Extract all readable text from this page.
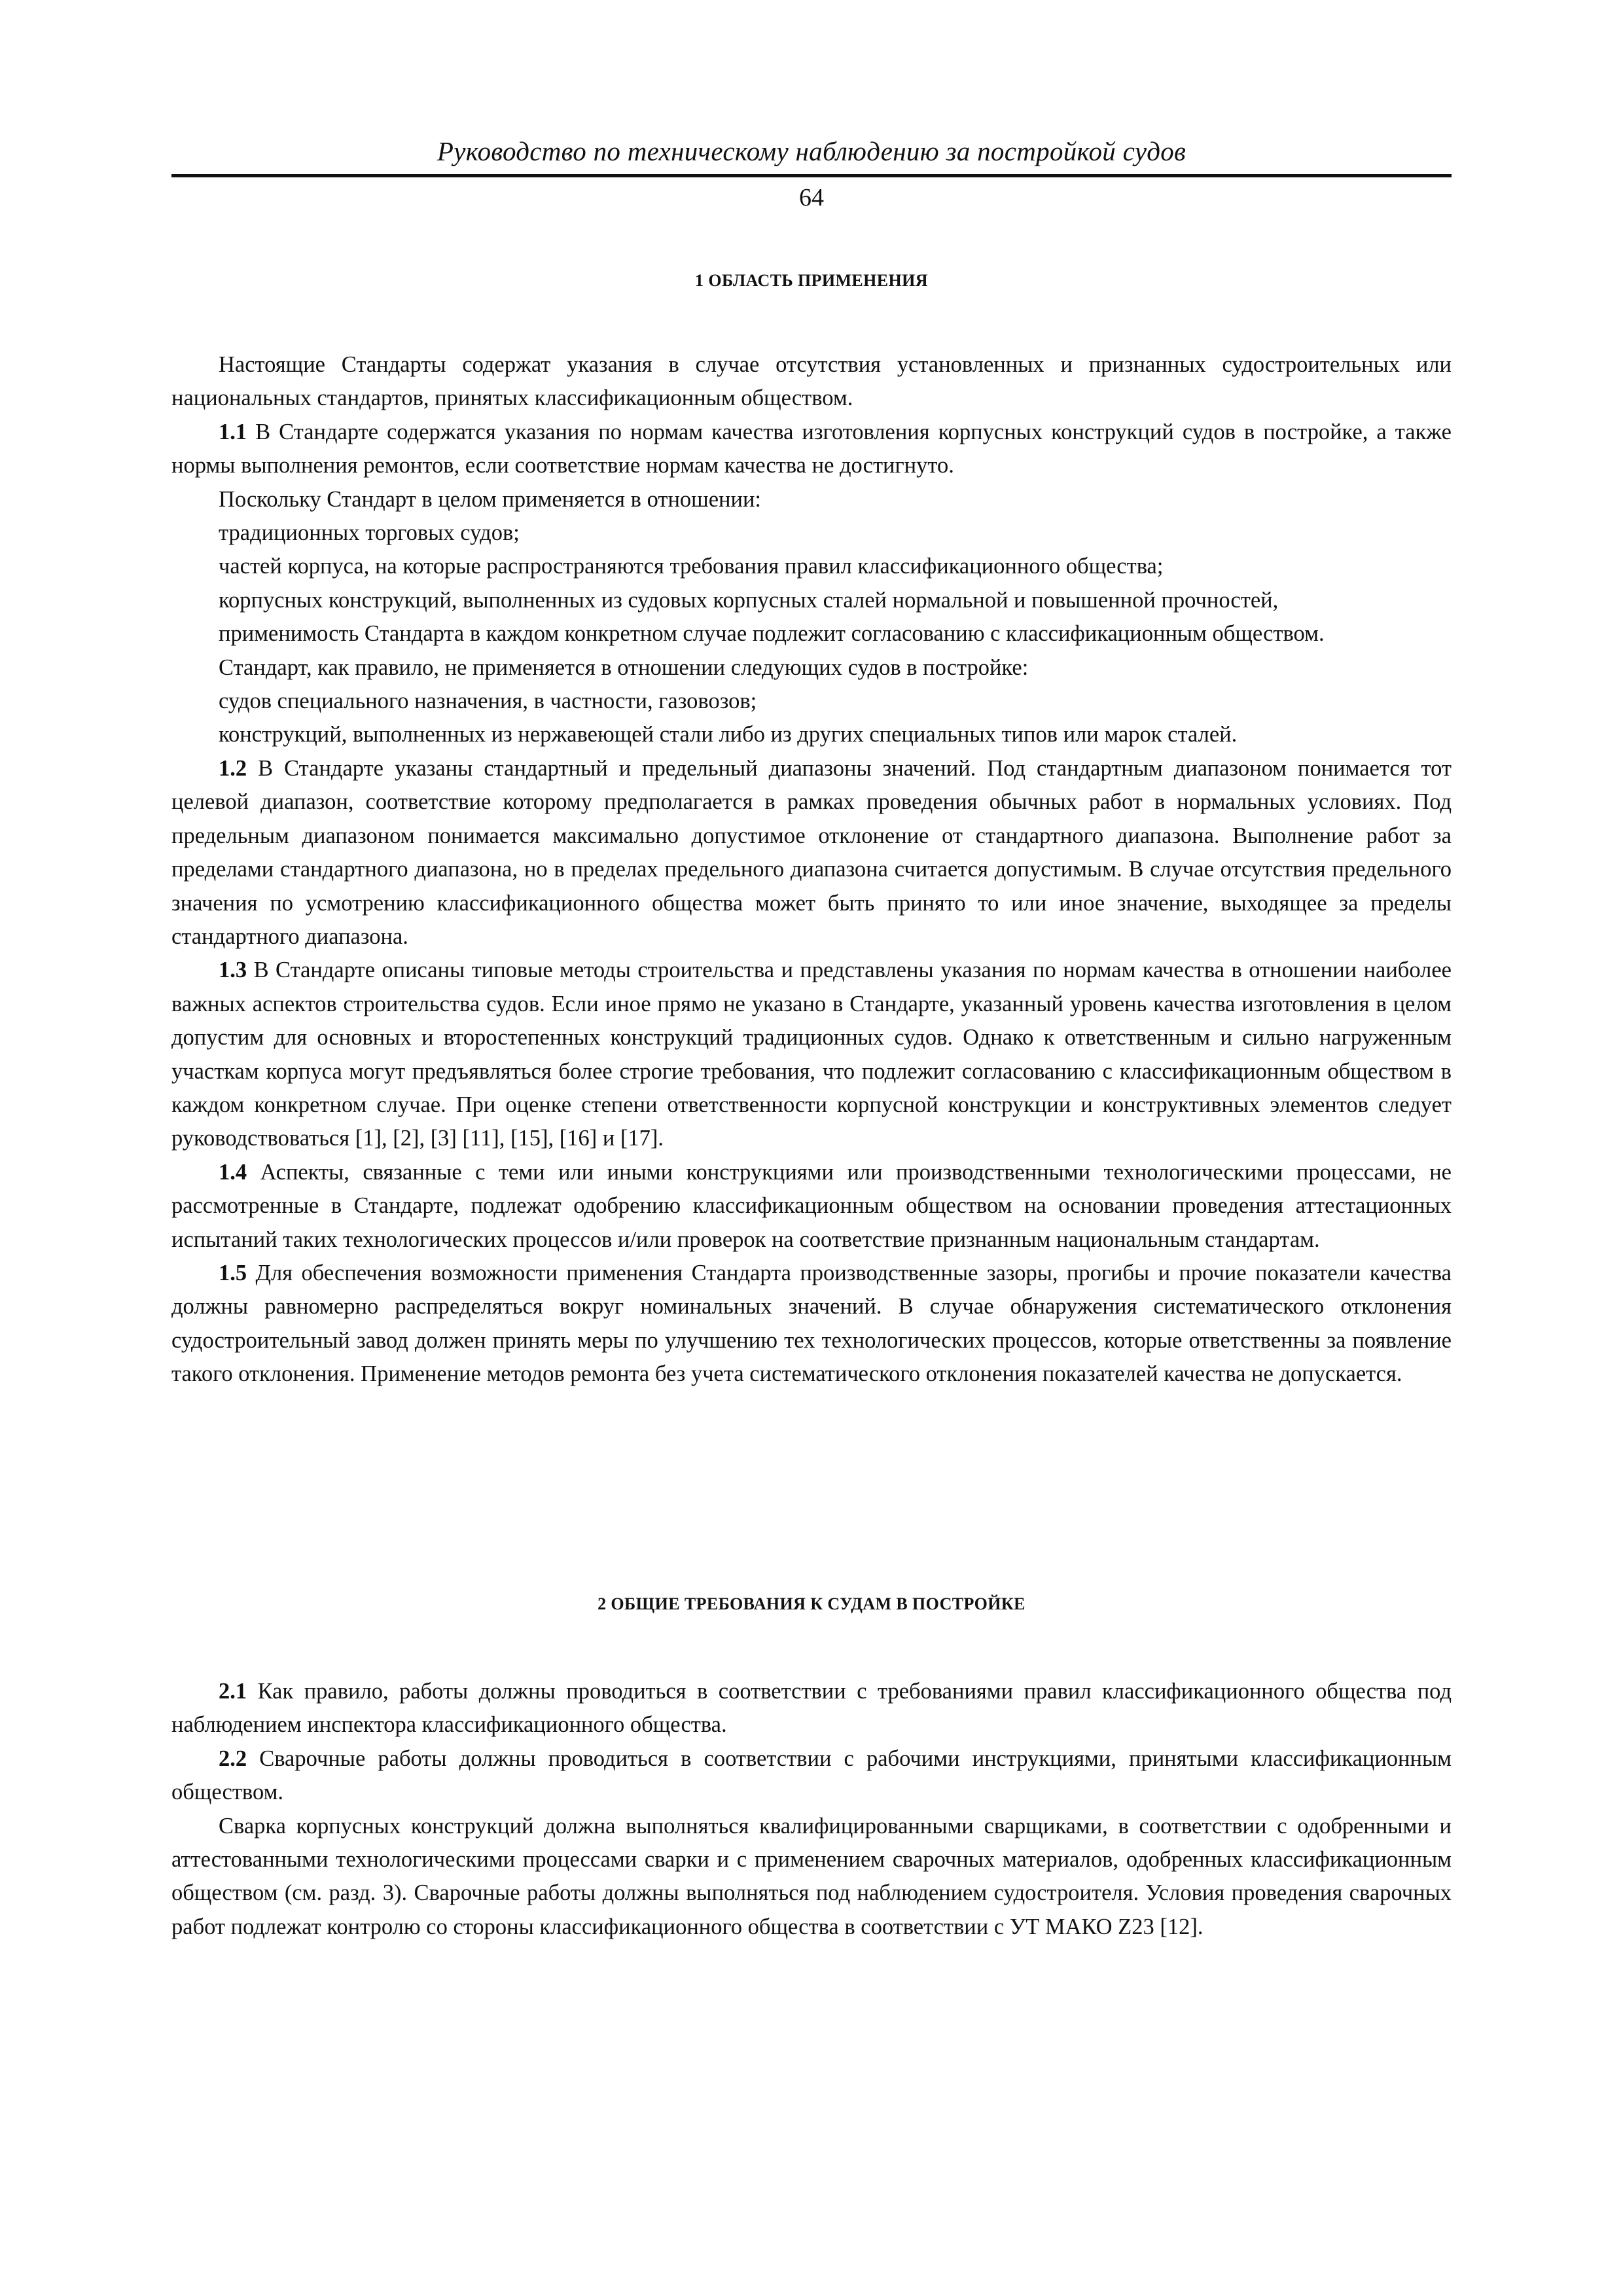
Руководство по техническому наблюдению за постройкой судов
64
1 ОБЛАСТЬ ПРИМЕНЕНИЯ

Настоящие Стандарты содержат указания в случае отсутствия установленных и признанных судостроительных или национальных стандартов, принятых классификационным обществом.

1.1 В Стандарте содержатся указания по нормам качества изготовления корпусных конструкций судов в постройке, а также нормы выполнения ремонтов, если соответствие нормам качества не достигнуто.

Поскольку Стандарт в целом применяется в отношении:

традиционных торговых судов;

частей корпуса, на которые распространяются требования правил классификационного общества;

корпусных конструкций, выполненных из судовых корпусных сталей нормальной и повышенной прочностей,

применимость Стандарта в каждом конкретном случае подлежит согласованию с классификационным обществом.

Стандарт, как правило, не применяется в отношении следующих судов в постройке:

судов специального назначения, в частности, газовозов;

конструкций, выполненных из нержавеющей стали либо из других специальных типов или марок сталей.

1.2 В Стандарте указаны стандартный и предельный диапазоны значений. Под стандартным диапазоном понимается тот целевой диапазон, соответствие которому предполагается в рамках проведения обычных работ в нормальных условиях. Под предельным диапазоном понимается максимально допустимое отклонение от стандартного диапазона. Выполнение работ за пределами стандартного диапазона, но в пределах предельного диапазона считается допустимым. В случае отсутствия предельного значения по усмотрению классификационного общества может быть принято то или иное значение, выходящее за пределы стандартного диапазона.

1.3 В Стандарте описаны типовые методы строительства и представлены указания по нормам качества в отношении наиболее важных аспектов строительства судов. Если иное прямо не указано в Стандарте, указанный уровень качества изготовления в целом допустим для основных и второстепенных конструкций традиционных судов. Однако к ответственным и сильно нагруженным участкам корпуса могут предъявляться более строгие требования, что подлежит согласованию с классификационным обществом в каждом конкретном случае. При оценке степени ответственности корпусной конструкции и конструктивных элементов следует руководствоваться [1], [2], [3] [11], [15], [16] и [17].

1.4 Аспекты, связанные с теми или иными конструкциями или производственными технологическими процессами, не рассмотренные в Стандарте, подлежат одобрению классификационным обществом на основании проведения аттестационных испытаний таких технологических процессов и/или проверок на соответствие признанным национальным стандартам.

1.5 Для обеспечения возможности применения Стандарта производственные зазоры, прогибы и прочие показатели качества должны равномерно распределяться вокруг номинальных значений. В случае обнаружения систематического отклонения судостроительный завод должен принять меры по улучшению тех технологических процессов, которые ответственны за появление такого отклонения. Применение методов ремонта без учета систематического отклонения показателей качества не допускается.

2 ОБЩИЕ ТРЕБОВАНИЯ К СУДАМ В ПОСТРОЙКЕ

2.1 Как правило, работы должны проводиться в соответствии с требованиями правил классификационного общества под наблюдением инспектора классификационного общества.

2.2 Сварочные работы должны проводиться в соответствии с рабочими инструкциями, принятыми классификационным обществом.

Сварка корпусных конструкций должна выполняться квалифицированными сварщиками, в соответствии с одобренными и аттестованными технологическими процессами сварки и с применением сварочных материалов, одобренных классификационным обществом (см. разд. 3). Сварочные работы должны выполняться под наблюдением судостроителя. Условия проведения сварочных работ подлежат контролю со стороны классификационного общества в соответствии с УТ МАКО Z23 [12].
